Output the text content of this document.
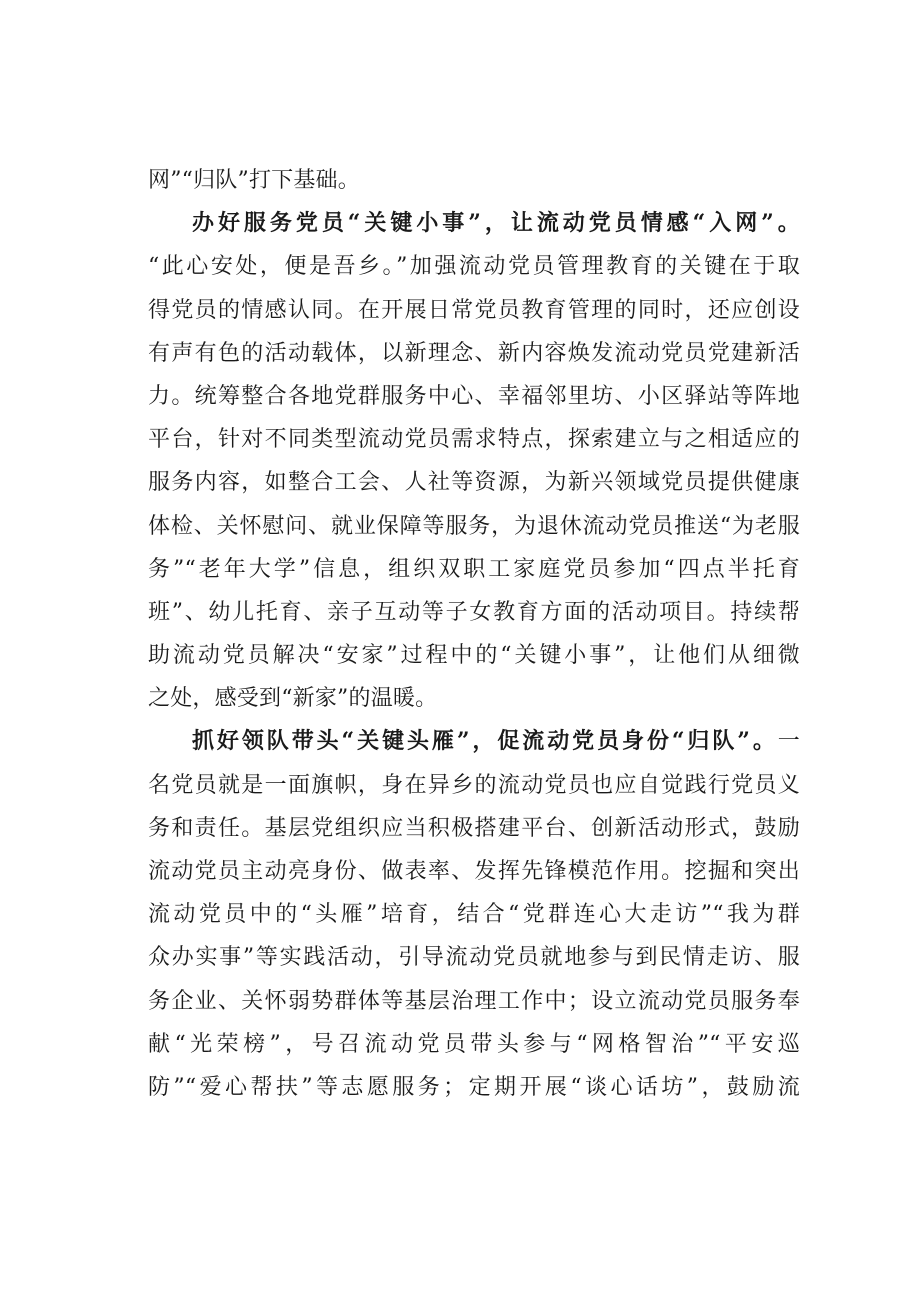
网”“归队”打下基础。
办好服务党员“关键小事”，让流动党员情感“入网”。
“此心安处，便是吾乡。”加强流动党员管理教育的关键在于取
得党员的情感认同。在开展日常党员教育管理的同时，还应创设
有声有色的活动载体，以新理念、新内容焕发流动党员党建新活
力。统筹整合各地党群服务中心、幸福邻里坊、小区驿站等阵地
平台，针对不同类型流动党员需求特点，探索建立与之相适应的
服务内容，如整合工会、人社等资源，为新兴领域党员提供健康
体检、关怀慰问、就业保障等服务，为退休流动党员推送“为老服
务”“老年大学”信息，组织双职工家庭党员参加“四点半托育
班”、幼儿托育、亲子互动等子女教育方面的活动项目。持续帮
助流动党员解决“安家”过程中的“关键小事”，让他们从细微
之处，感受到“新家”的温暖。
抓好领队带头“关键头雁”，促流动党员身份“归队”。一
名党员就是一面旗帜，身在异乡的流动党员也应自觉践行党员义
务和责任。基层党组织应当积极搭建平台、创新活动形式，鼓励
流动党员主动亮身份、做表率、发挥先锋模范作用。挖掘和突出
流动党员中的“头雁”培育，结合“党群连心大走访”“我为群
众办实事”等实践活动，引导流动党员就地参与到民情走访、服
务企业、关怀弱势群体等基层治理工作中；设立流动党员服务奉
献“光荣榜”，号召流动党员带头参与“网格智治”“平安巡
防”“爱心帮扶”等志愿服务；定期开展“谈心话坊”，鼓励流
